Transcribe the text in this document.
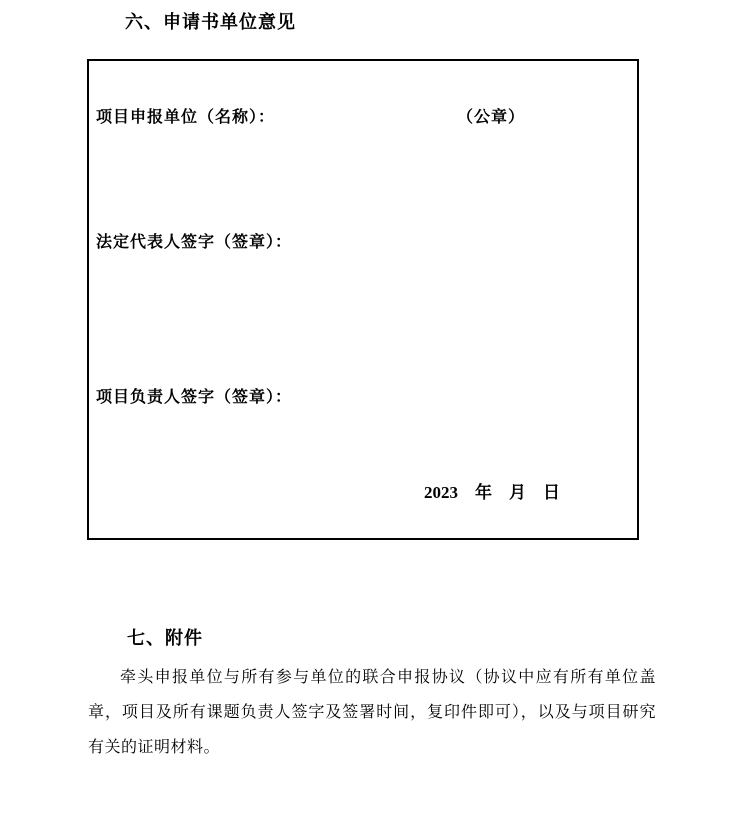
六、申请书单位意见
项目申报单位（名称）：	（公章）
法定代表人签字（签章）：
项目负责人签字（签章）：
2023 年 月 日
七、附件
牵头申报单位与所有参与单位的联合申报协议（协议中应有所有单位盖章，项目及所有课题负责人签字及签署时间，复印件即可），以及与项目研究有关的证明材料。
